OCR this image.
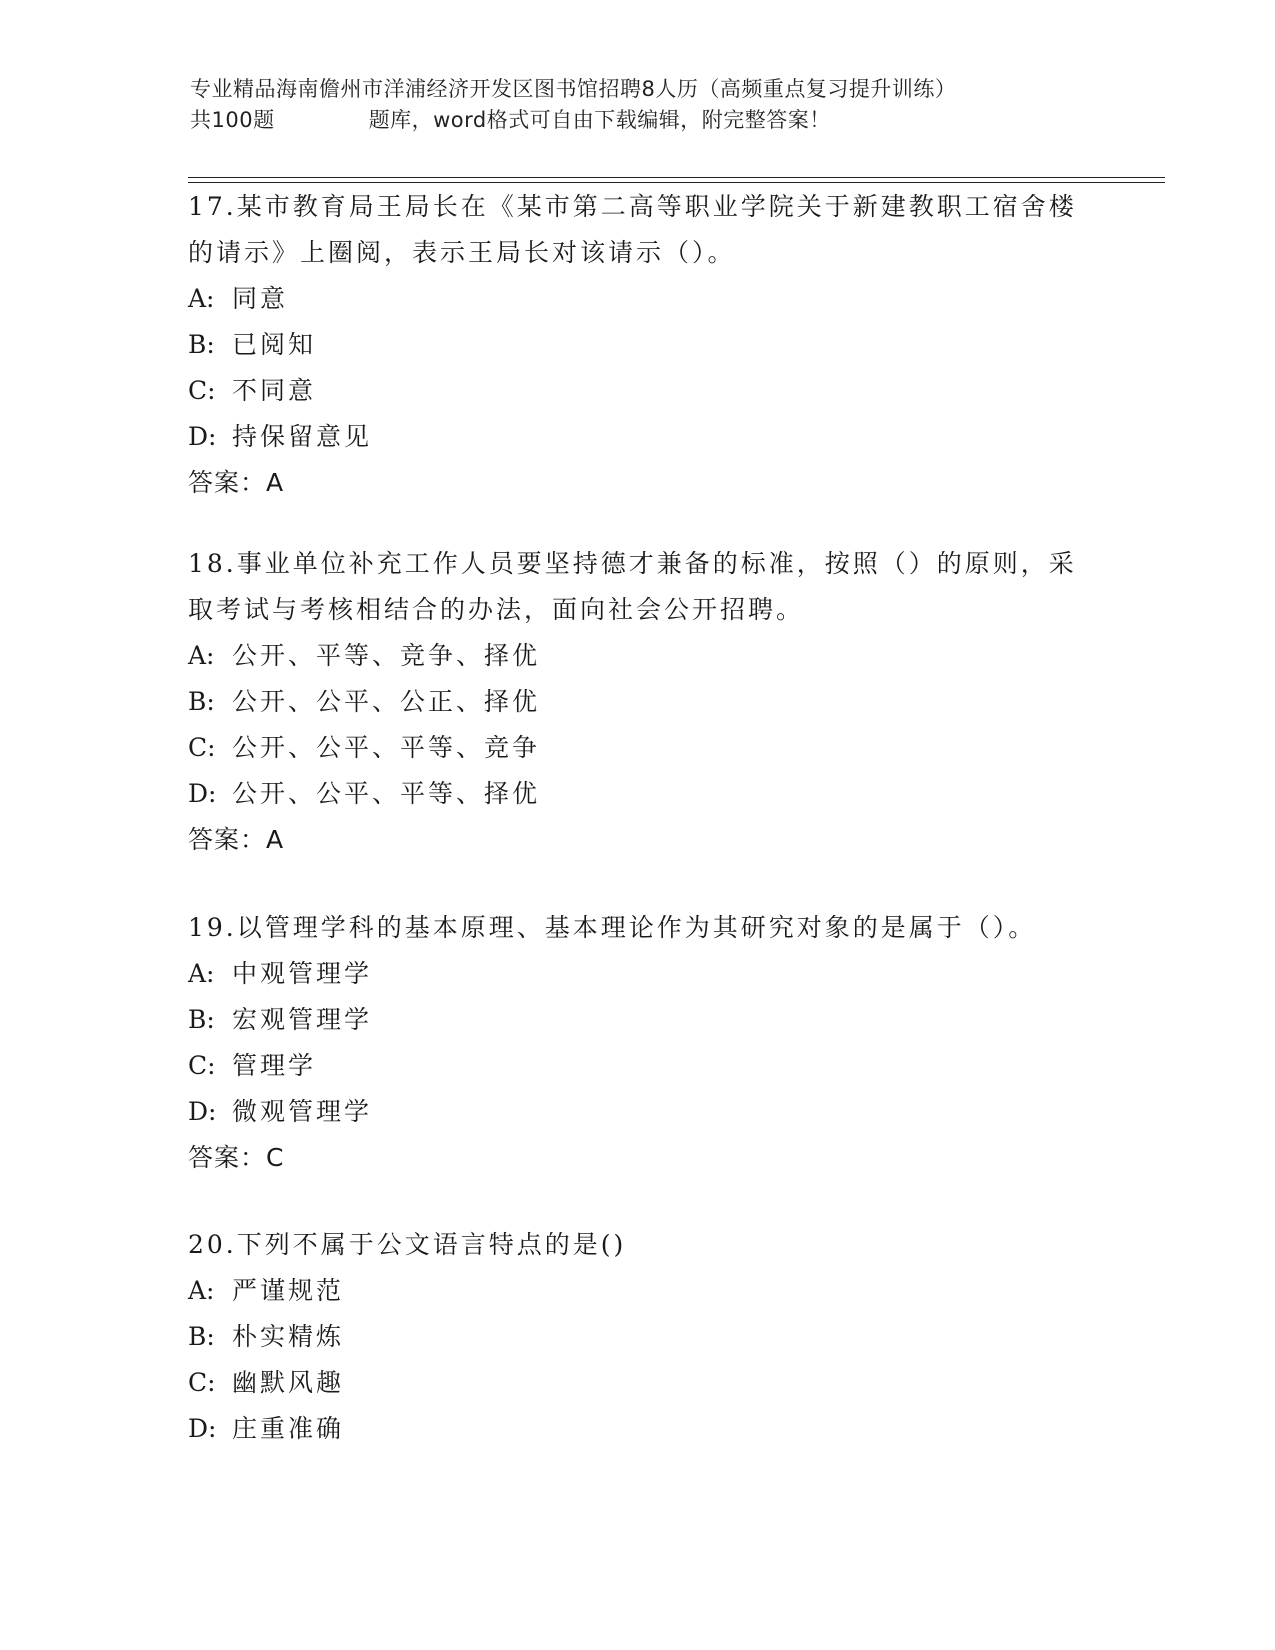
专业精品海南儋州市洋浦经济开发区图书馆招聘8人历（高频重点复习提升训练）
共100题	题库，word格式可自由下载编辑，附完整答案！

17.某市教育局王局长在《某市第二高等职业学院关于新建教职工宿舍楼的请示》上圈阅，表示王局长对该请示（）。

A: 同意

B: 已阅知

C: 不同意

D: 持保留意见

答案：A

18.事业单位补充工作人员要坚持德才兼备的标准，按照（）的原则，采取考试与考核相结合的办法，面向社会公开招聘。

A: 公开、平等、竞争、择优

B: 公开、公平、公正、择优

C: 公开、公平、平等、竞争

D: 公开、公平、平等、择优

答案：A

19.以管理学科的基本原理、基本理论作为其研究对象的是属于（）。

A: 中观管理学

B: 宏观管理学

C: 管理学

D: 微观管理学

答案：C

20.下列不属于公文语言特点的是()

A: 严谨规范

B: 朴实精炼

C: 幽默风趣

D: 庄重准确
